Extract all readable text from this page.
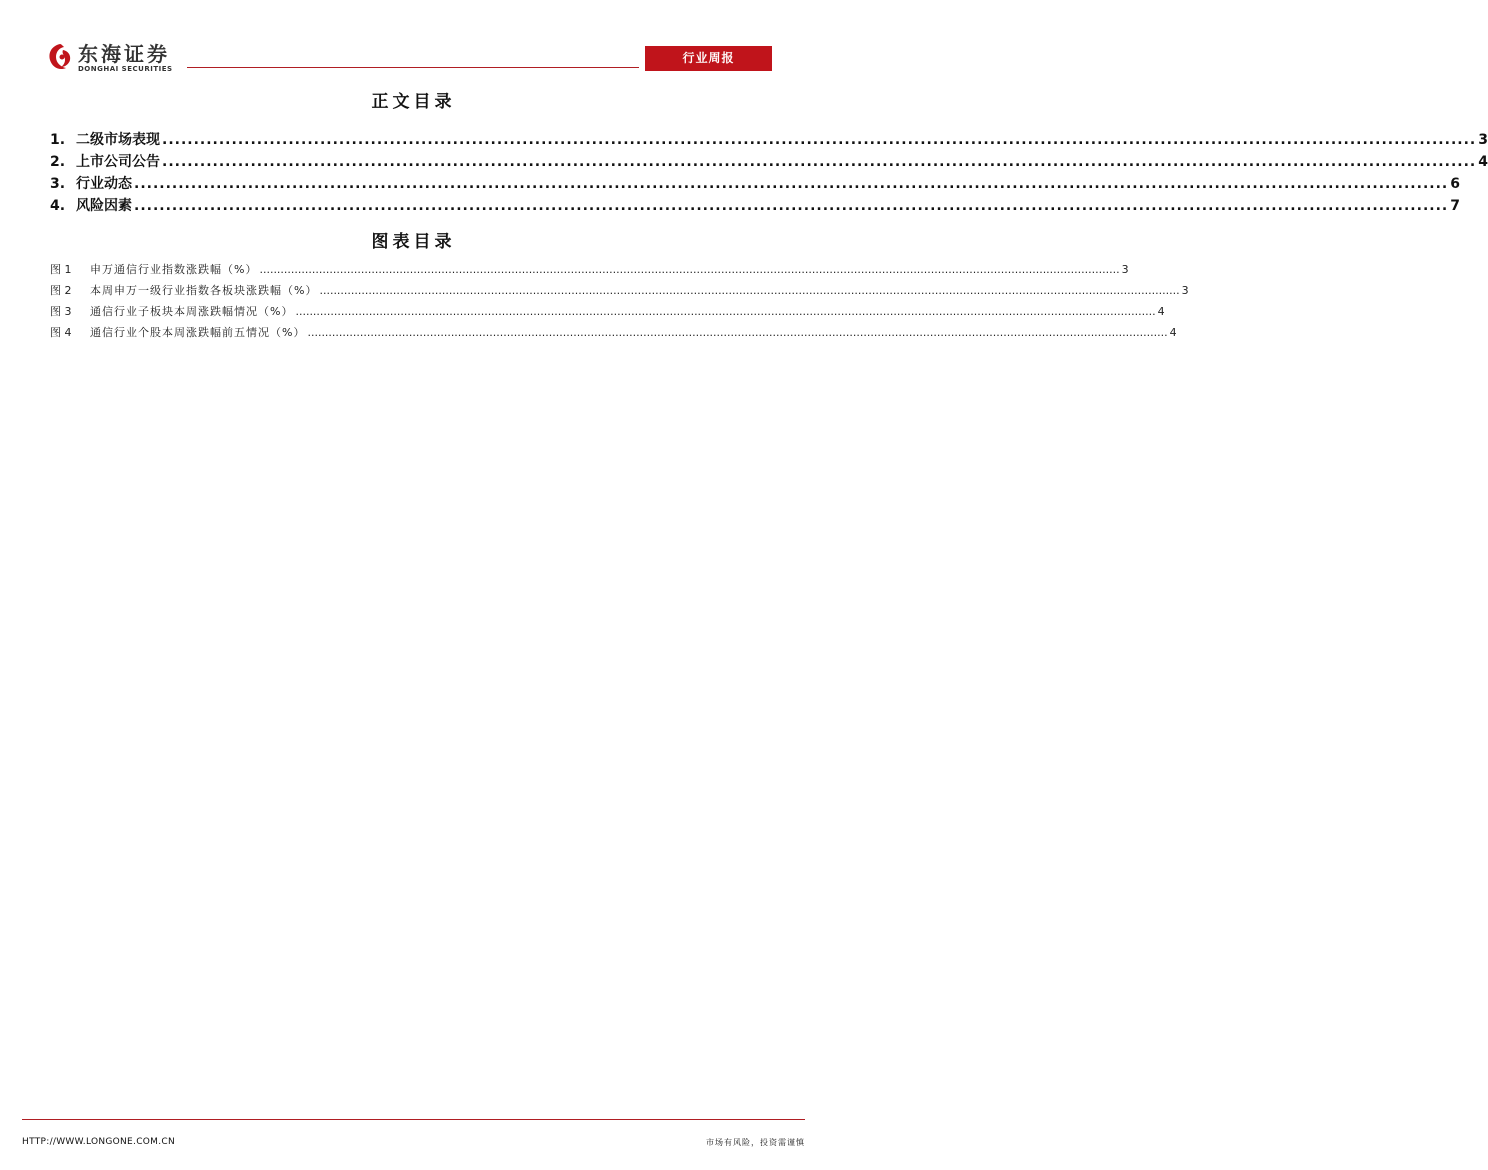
东海证券
DONGHAI SECURITIES
行业周报
正文目录
1. 二级市场表现 ................................................................................................................................................................................................................ 3
2. 上市公司公告 ................................................................................................................................................................................................................ 4
3. 行业动态 ................................................................................................................................................................................................................ 6
4. 风险因素 ................................................................................................................................................................................................................ 7
图表目录
图 1	申万通信行业指数涨跌幅（%） ...................................................................................................................................................................................................................................................... 3
图 2	本周申万一级行业指数各板块涨跌幅（%） ...................................................................................................................................................................................................................................................... 3
图 3	通信行业子板块本周涨跌幅情况（%） ...................................................................................................................................................................................................................................................... 4
图 4	通信行业个股本周涨跌幅前五情况（%） ...................................................................................................................................................................................................................................................... 4
HTTP://WWW.LONGONE.COM.CN	市场有风险，投资需谨慎
